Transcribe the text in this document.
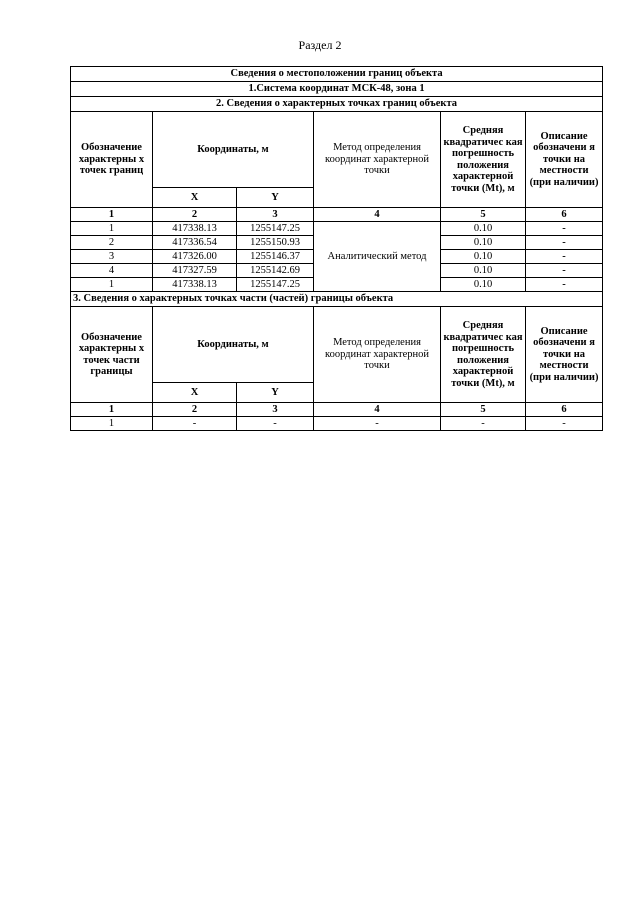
Раздел 2
Сведения о местоположении границ объекта					
1.Система координат МСК-48, зона 1					
2. Сведения о характерных точках границ объекта					
Обозначение характерны х точек границ	Координаты, м		Метод определения координат характерной точки	Средняя квадратичес кая погрешность положения характерной точки (Mt), м	Описание обозначени я точки на местности (при наличии)
	X	Y			
1	2	3	4	5	6
1	417338.13	1255147.25	Аналитический метод	0.10	-
2	417336.54	1255150.93		0.10	-
3	417326.00	1255146.37		0.10	-
4	417327.59	1255142.69		0.10	-
1	417338.13	1255147.25		0.10	-
3. Сведения о характерных точках части (частей) границы объекта					
Обозначение характерны х точек части границы	Координаты, м		Метод определения координат характерной точки	Средняя квадратичес кая погрешность положения характерной точки (Mt), м	Описание обозначени я точки на местности (при наличии)
	X	Y			
1	2	3	4	5	6
1	-	-	-	-	-
